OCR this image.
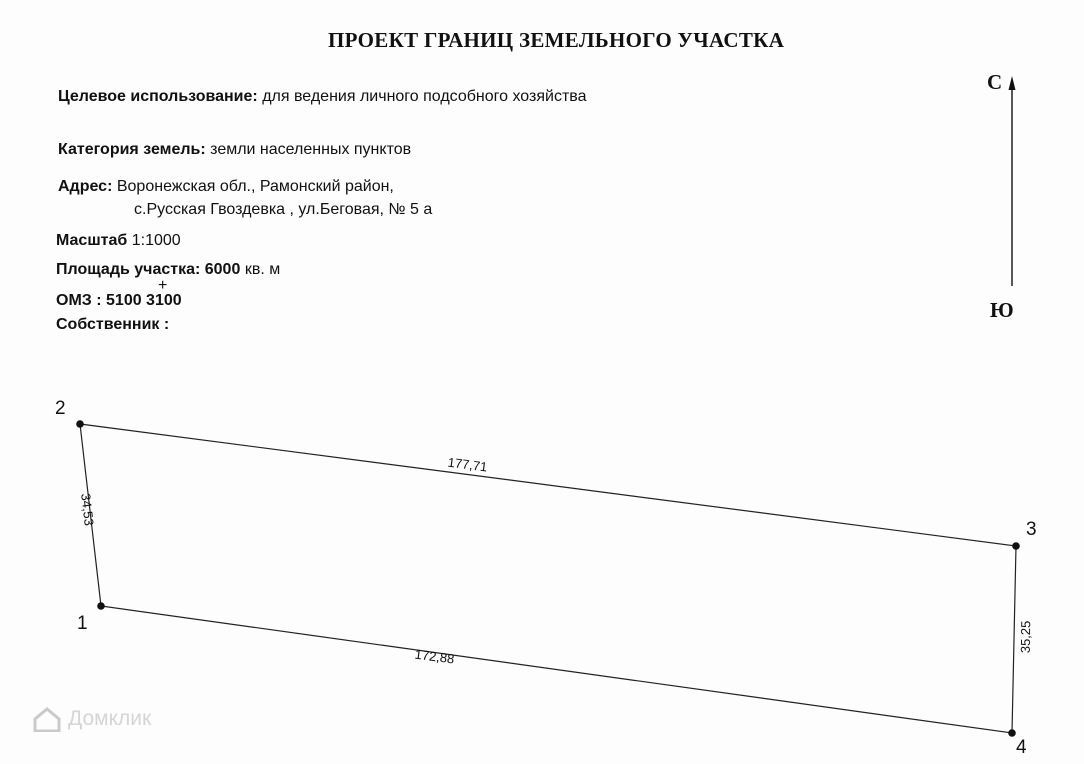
ПРОЕКТ ГРАНИЦ ЗЕМЕЛЬНОГО УЧАСТКА
Целевое использование: для ведения личного подсобного хозяйства
Категория земель: земли населенных пунктов
Адрес: Воронежская обл., Рамонский район,
с.Русская Гвоздевка , ул.Беговая, № 5 а
Масштаб 1:1000
Площадь участка: 6000 кв. м
ОМЗ : 5100 3100
+
Собственник :
С
Ю
177,71
172,88
34,53
35,25
1
2
3
4
Домклик
